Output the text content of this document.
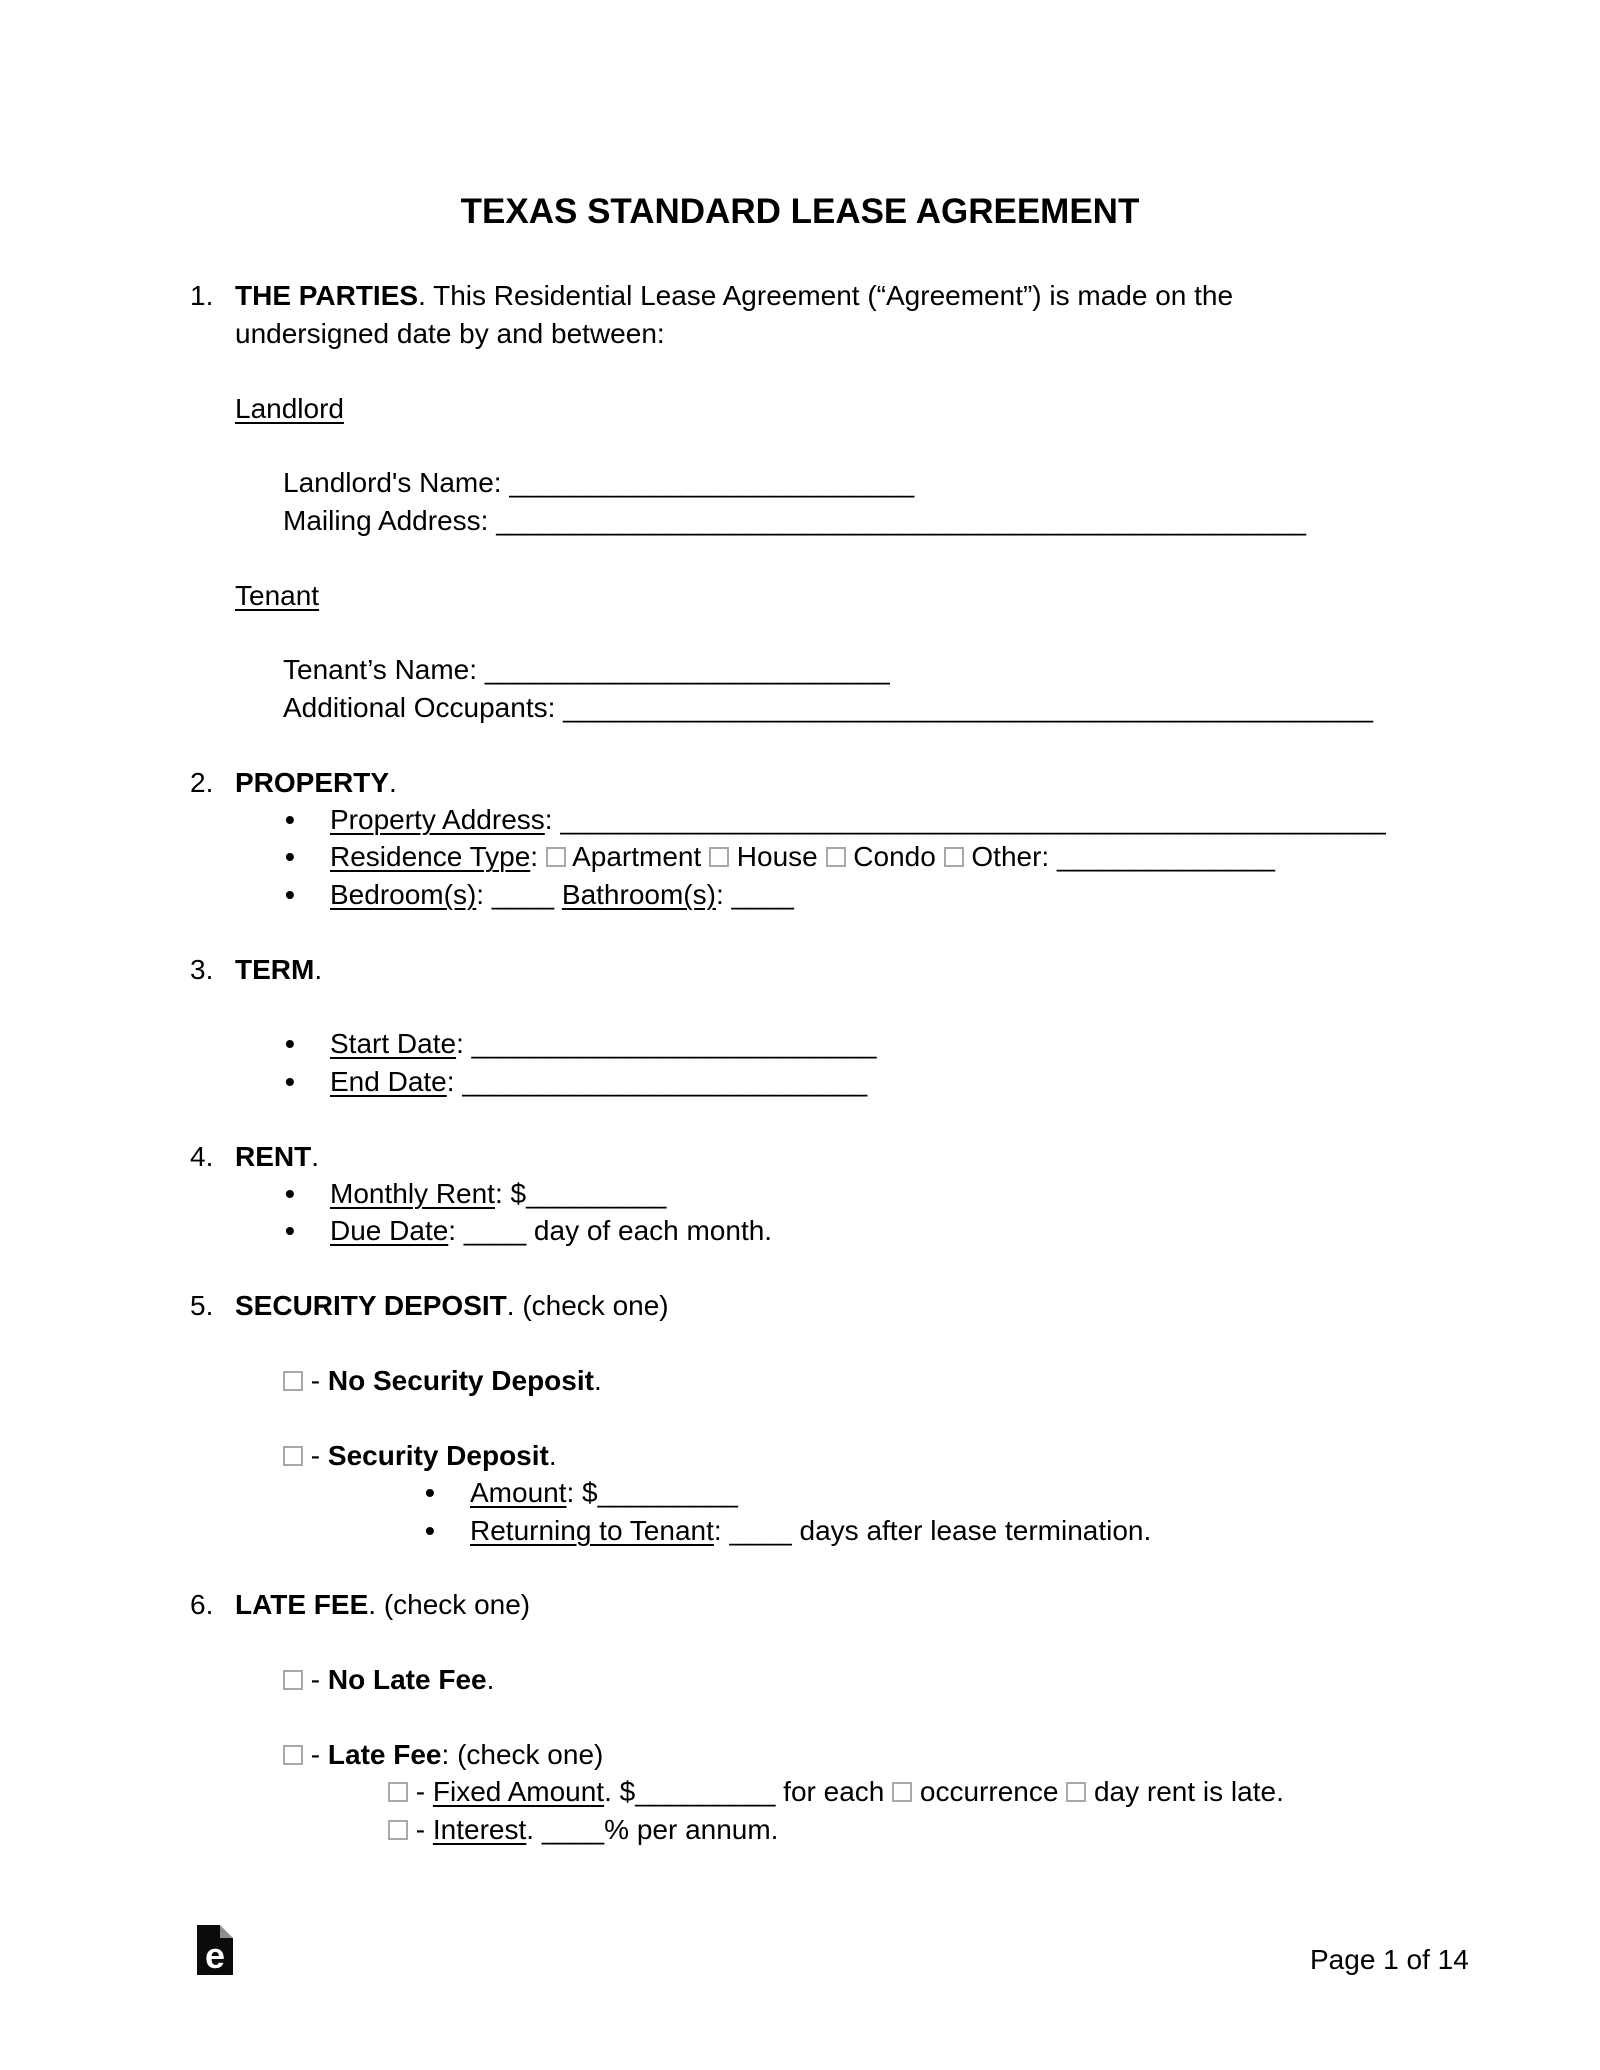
TEXAS STANDARD LEASE AGREEMENT
1. THE PARTIES. This Residential Lease Agreement (“Agreement”) is made on the
undersigned date by and between:
Landlord
Landlord's Name: __________________________
Mailing Address: ____________________________________________________
Tenant
Tenant’s Name: __________________________
Additional Occupants: ____________________________________________________
2. PROPERTY.
• Property Address: _____________________________________________________
• Residence Type:  Apartment  House  Condo  Other: ______________
• Bedroom(s): ____ Bathroom(s): ____
3. TERM.
• Start Date: __________________________
• End Date: __________________________
4. RENT.
• Monthly Rent: $_________
• Due Date: ____ day of each month.
5. SECURITY DEPOSIT. (check one)
- No Security Deposit.
- Security Deposit.
• Amount: $_________
• Returning to Tenant: ____ days after lease termination.
6. LATE FEE. (check one)
- No Late Fee.
- Late Fee: (check one)
- Fixed Amount. $_________ for each  occurrence  day rent is late.
- Interest. ____% per annum.
e	Page 1 of 14
